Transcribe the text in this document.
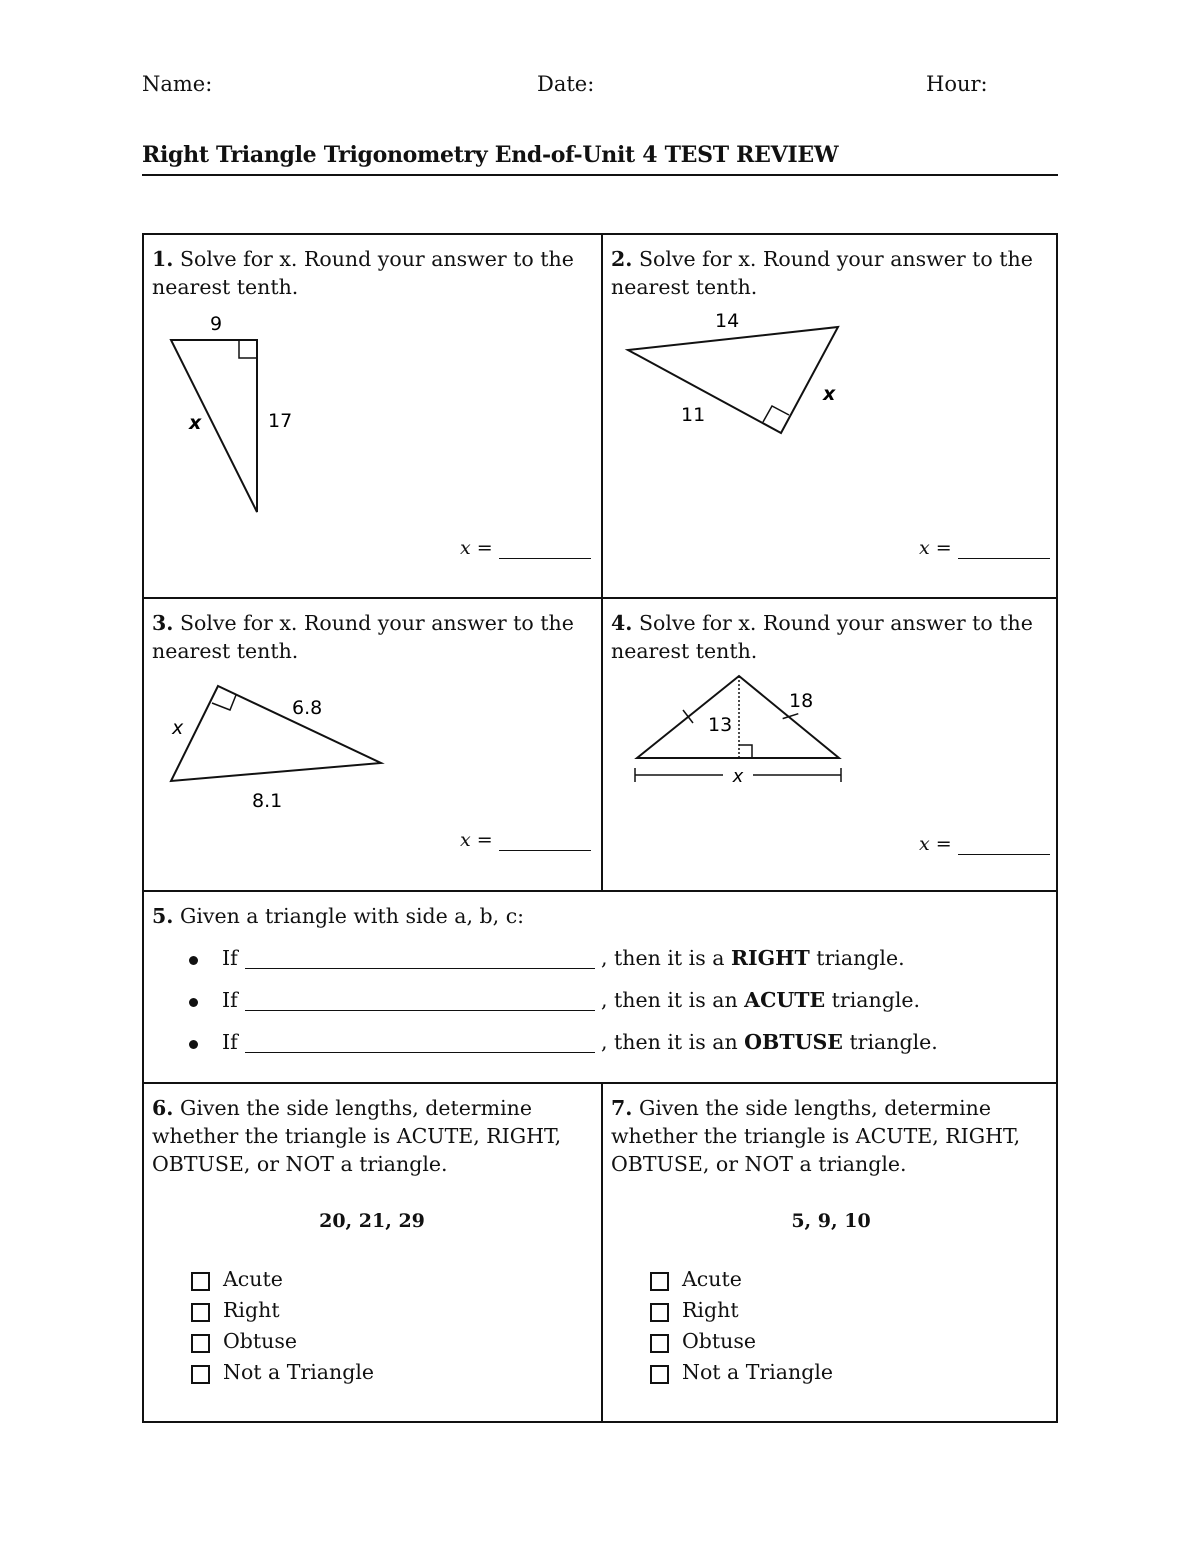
Name:	Date:	Hour:
Right Triangle Trigonometry End-of-Unit 4 TEST REVIEW
1. Solve for x. Round your answer to the nearest tenth.
9
x	17
x =
2. Solve for x. Round your answer to the nearest tenth.
14
x
11
x =
3. Solve for x. Round your answer to the nearest tenth.
x
6.8
8.1
x =
4. Solve for x. Round your answer to the nearest tenth.
18
13
x
x =
5. Given a triangle with side a, b, c:
If	, then it is a RIGHT triangle.
If	, then it is an ACUTE triangle.
If	, then it is an OBTUSE triangle.
6. Given the side lengths, determine whether the triangle is ACUTE, RIGHT, OBTUSE, or NOT a triangle.
20, 21, 29
Acute
Right
Obtuse
Not a Triangle
7. Given the side lengths, determine whether the triangle is ACUTE, RIGHT, OBTUSE, or NOT a triangle.
5, 9, 10
Acute
Right
Obtuse
Not a Triangle
